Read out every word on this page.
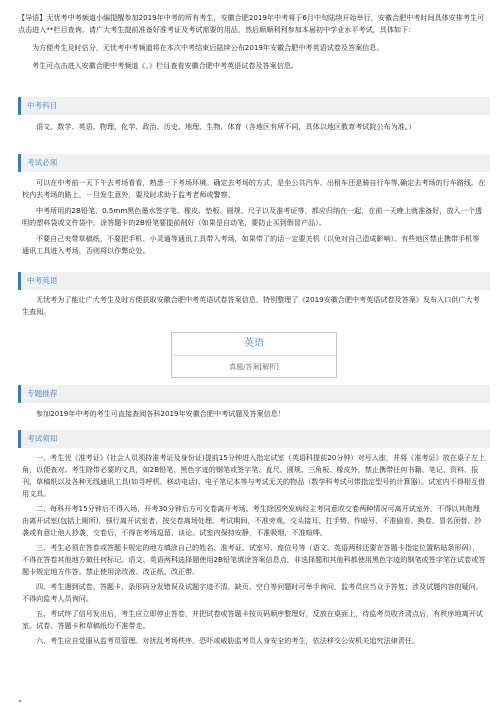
【导语】无忧考中考频道小编提醒参加2019年中考的所有考生，安徽合肥2019年中考将于6月中旬陆续开始举行，安徽合肥中考时间具体安排考生可点击进入**栏目查询。请广大考生提前准备好准考证及考试需要的用品，然后顺顺利利参加本届初中学业水平考试，具体如下：

为方便考生及时估分，无忧考中考频道将在本次中考结束后陆续公布2019年安徽合肥中考英语试卷及答案信息。

考生可点击进入安徽合肥中考频道《、》栏目查看安徽合肥中考英语试卷及答案信息。

中考科目

语文、数学、英语、物理、化学、政治、历史、地理、生物、体育（各地区有所不同，具体以地区教育考试院公布为准。）

考试必须

可以在中考前一天下午去考场看看，熟悉一下考场环境。确定去考场的方式，是坐公共汽车、出租车还是骑自行车等,确定去考场的行车路线。在校内去考场的路上，一旦发生意外，要及时求助于监考老师或警察。

中考所用的2B铅笔、0.5mm黑色墨水签字笔、橡皮、垫板、圆规、尺子以及准考证等，都应归纳在一起，在前一天晚上就准备好，放入一个透明的塑料袋或文件袋中。涂答题卡的2B铅笔要提前削好（如果是自动笔，要防止买到假冒产品）。

不要自己夹带草稿纸，不要把手机、小灵通等通讯工具带入考场，如果带了的话一定要关机（以免对自己造成影响）。有些地区禁止携带手机等通讯工具进入考场，否则将以作弊论处。

中考英语

无忧考为了能让广大考生及时方便获取安徽合肥中考英语试卷答案信息，特别整理了《2019安徽合肥中考英语试卷及答案》发布入口供广大考生查阅。

英语
真题/答案[解析]
专题推荐

参加2019年中考的考生可直接查阅各科2019年安徽合肥中考试题及答案信息！

考试须知

一、考生凭《准考证》(社会人员须持准考证及身份证)提前15分钟进入指定试室（英语科提前20分钟）对号入座，并将《准考证》放在桌子左上角，以便查对。考生除带必要的文具，如2B铅笔、黑色字迹的钢笔或签字笔、直尺、圆规、三角板、橡皮外，禁止携带任何书籍、笔记、资料、报刊、草稿纸以及各种无线通讯工具(如寻呼机、移动电话)、电子笔记本等与考试无关的物品（数学科考试可带指定型号的计算器）。试室内不得相互借用文具。

二、每科开考15分钟后不得入场，开考30分钟后方可交卷离开考场。考生除因突发病经主考同意或交卷两种情况可离开试室外，不得以其他理由离开试室(包括上厕所)，强行离开试室者，按交卷离场处理。考试期间，不准旁观、交头接耳、打手势、作暗号、不准偷看、换卷、冒名顶替、抄袭或有意让他人抄袭，交卷后，不得在考场逗留、谈论。试室内保持安静，不准吸烟，不准喧哗。

三、考生必须在答卷或答题卡规定的地方填涂自己的姓名、准考证、试室号、座位号等（语文、英语两科还要在答题卡指定位置粘贴条形码），不得在答卷其他地方做任何标记。语文、英语两科选择题使用2B铅笔填涂答案信息点，非选择题和其他科都使用黑色字迹的钢笔或签字笔在试卷或答题卡规定地方作答。禁止使用涂改液、改正纸、改正带。

四、考生遇到试卷、答题卡、条形码分发错误及试题字迹不清、缺页、空白等问题时可举手询问，监考员应当众予答复；涉及试题内容的疑问，不得向监考人员询问。

五、考试终了信号发出后，考生应立即停止答卷，并把试卷或答题卡按页码顺序整理好，反放在桌面上，待监考员收齐清点后，有秩序地离开试室。试卷、答题卡和草稿纸均不准带走。

六、考生应自觉服从监考员管理。对扰乱考场秩序、恐吓或威胁监考员人身安全的考生，依法移交公安机关追究法律责任。

"
